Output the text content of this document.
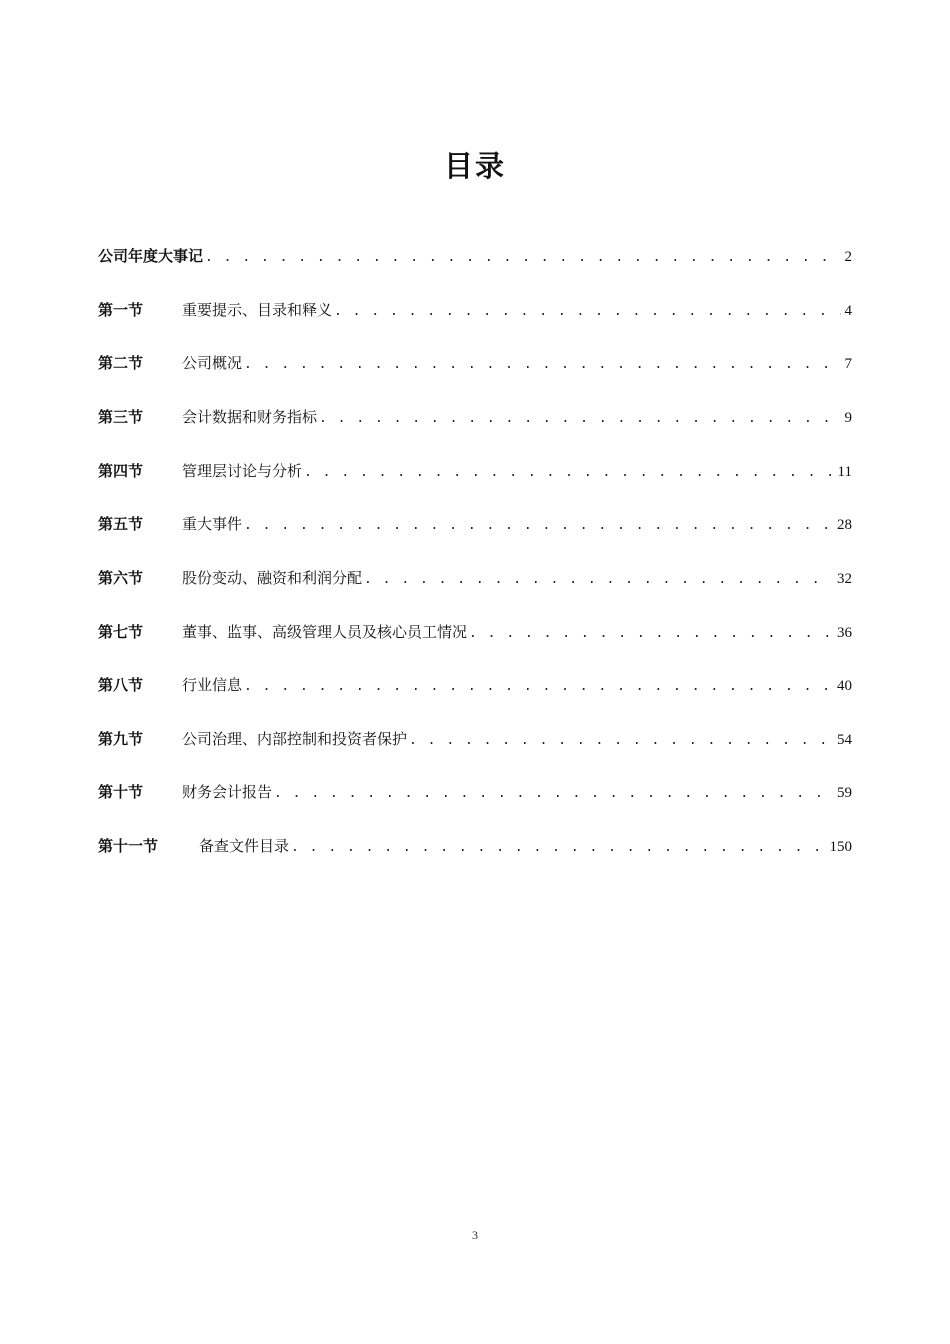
目录
公司年度大事记 . . .	2
第一节	重要提示、目录和释义 . . .	4
第二节	公司概况 . . .	7
第三节	会计数据和财务指标 . . .	9
第四节	管理层讨论与分析 . . .	11
第五节	重大事件 . . .	28
第六节	股份变动、融资和利润分配 . . .	32
第七节	董事、监事、高级管理人员及核心员工情况 . . .	36
第八节	行业信息 . . .	40
第九节	公司治理、内部控制和投资者保护 . . .	54
第十节	财务会计报告 . . .	59
第十一节	备查文件目录 . . .	150
3
